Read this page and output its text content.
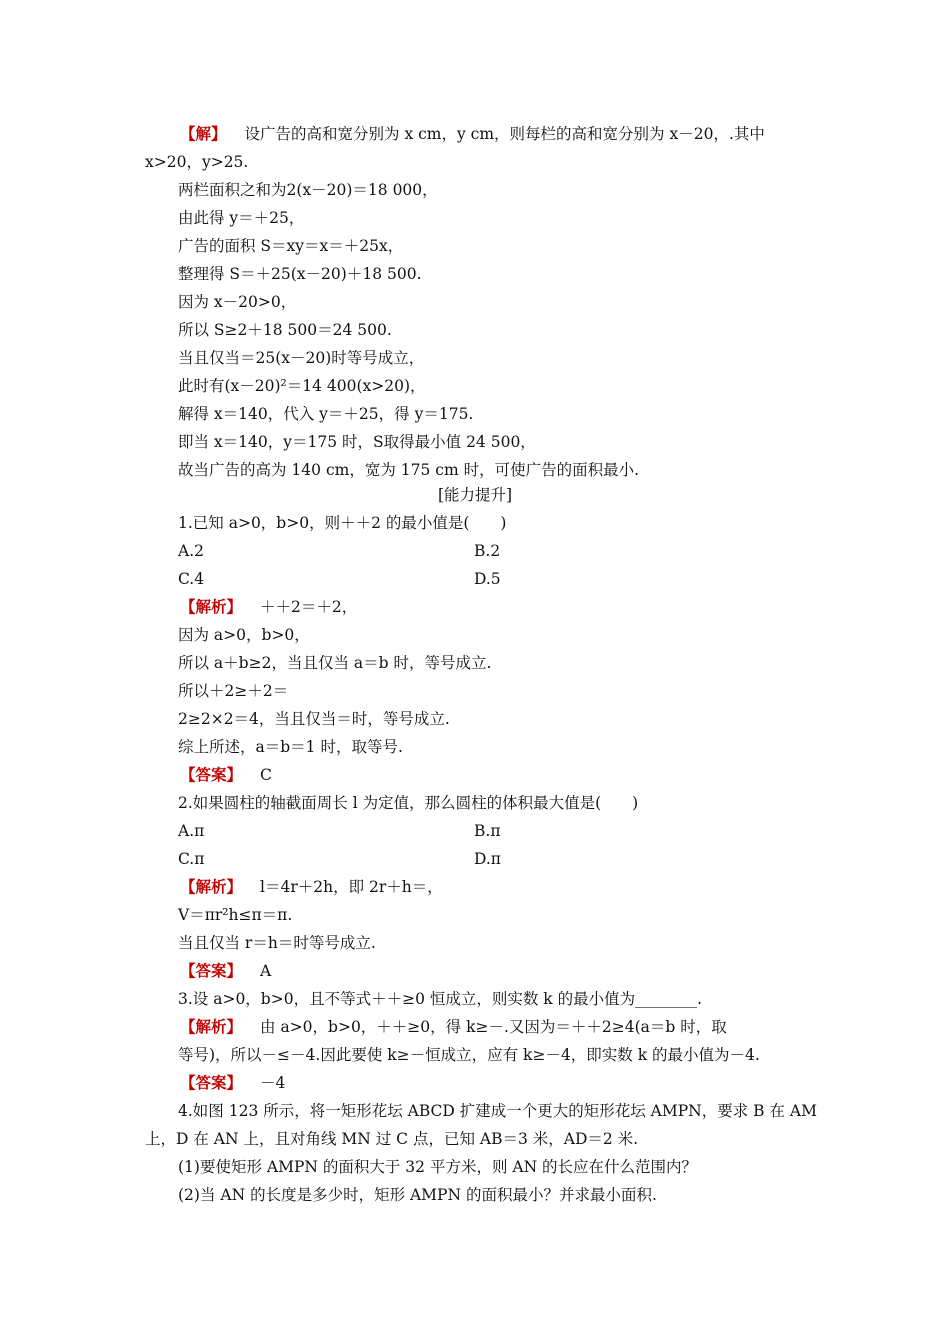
【解】 设广告的高和宽分别为 x cm，y cm，则每栏的高和宽分别为 x－20，.其中
x>20，y>25.
两栏面积之和为2(x－20)＝18 000，
由此得 y＝＋25，
广告的面积 S＝xy＝x＝＋25x，
整理得 S＝＋25(x－20)＋18 500.
因为 x－20>0，
所以 S≥2＋18 500＝24 500.
当且仅当＝25(x－20)时等号成立，
此时有(x－20)²＝14 400(x>20)，
解得 x＝140，代入 y＝＋25，得 y＝175.
即当 x＝140，y＝175 时，S取得最小值 24 500，
故当广告的高为 140 cm，宽为 175 cm 时，可使广告的面积最小.
[能力提升]
1.已知 a>0，b>0，则＋＋2 的最小值是(　　)
A.2	B.2
C.4	D.5
【解析】 ＋＋2＝＋2，
因为 a>0，b>0，
所以 a＋b≥2，当且仅当 a＝b 时，等号成立.
所以＋2≥＋2＝
2≥2×2＝4，当且仅当＝时，等号成立.
综上所述，a＝b＝1 时，取等号.
【答案】 C
2.如果圆柱的轴截面周长 l 为定值，那么圆柱的体积最大值是(　　)
A.π	B.π
C.π	D.π
【解析】 l＝4r＋2h，即 2r＋h＝，
V＝πr²h≤π＝π.
当且仅当 r＝h＝时等号成立.
【答案】 A
3.设 a>0，b>0，且不等式＋＋≥0 恒成立，则实数 k 的最小值为________.
【解析】 由 a>0，b>0，＋＋≥0，得 k≥－.又因为＝＋＋2≥4(a＝b 时，取
等号)，所以－≤－4.因此要使 k≥－恒成立，应有 k≥－4，即实数 k 的最小值为－4.
【答案】 －4
4.如图 123 所示，将一矩形花坛 ABCD 扩建成一个更大的矩形花坛 AMPN，要求 B 在 AM
上，D 在 AN 上，且对角线 MN 过 C 点，已知 AB＝3 米，AD＝2 米.
(1)要使矩形 AMPN 的面积大于 32 平方米，则 AN 的长应在什么范围内？
(2)当 AN 的长度是多少时，矩形 AMPN 的面积最小？并求最小面积.
